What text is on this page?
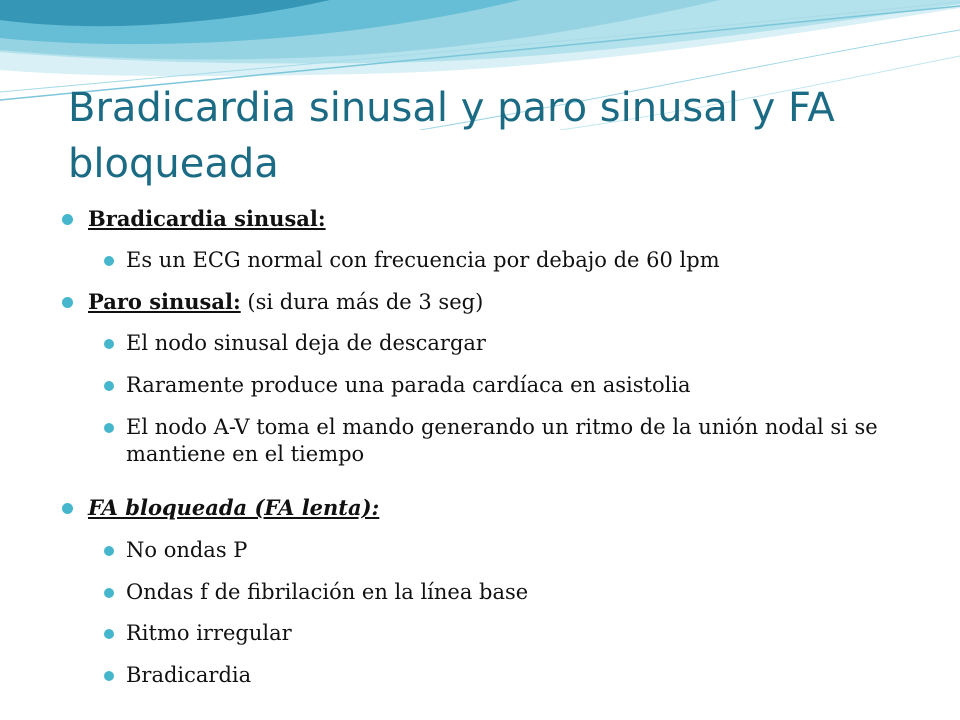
Bradicardia sinusal y paro sinusal y FA bloqueada
Bradicardia sinusal:
Es un ECG normal con frecuencia por debajo de 60 lpm
Paro sinusal: (si dura más de 3 seg)
El nodo sinusal deja de descargar
Raramente produce una parada cardíaca en asistolia
El nodo A-V toma el mando generando un ritmo de la unión nodal si se mantiene en el tiempo
FA bloqueada (FA lenta):
No ondas P
Ondas f de fibrilación en la línea base
Ritmo irregular
Bradicardia
